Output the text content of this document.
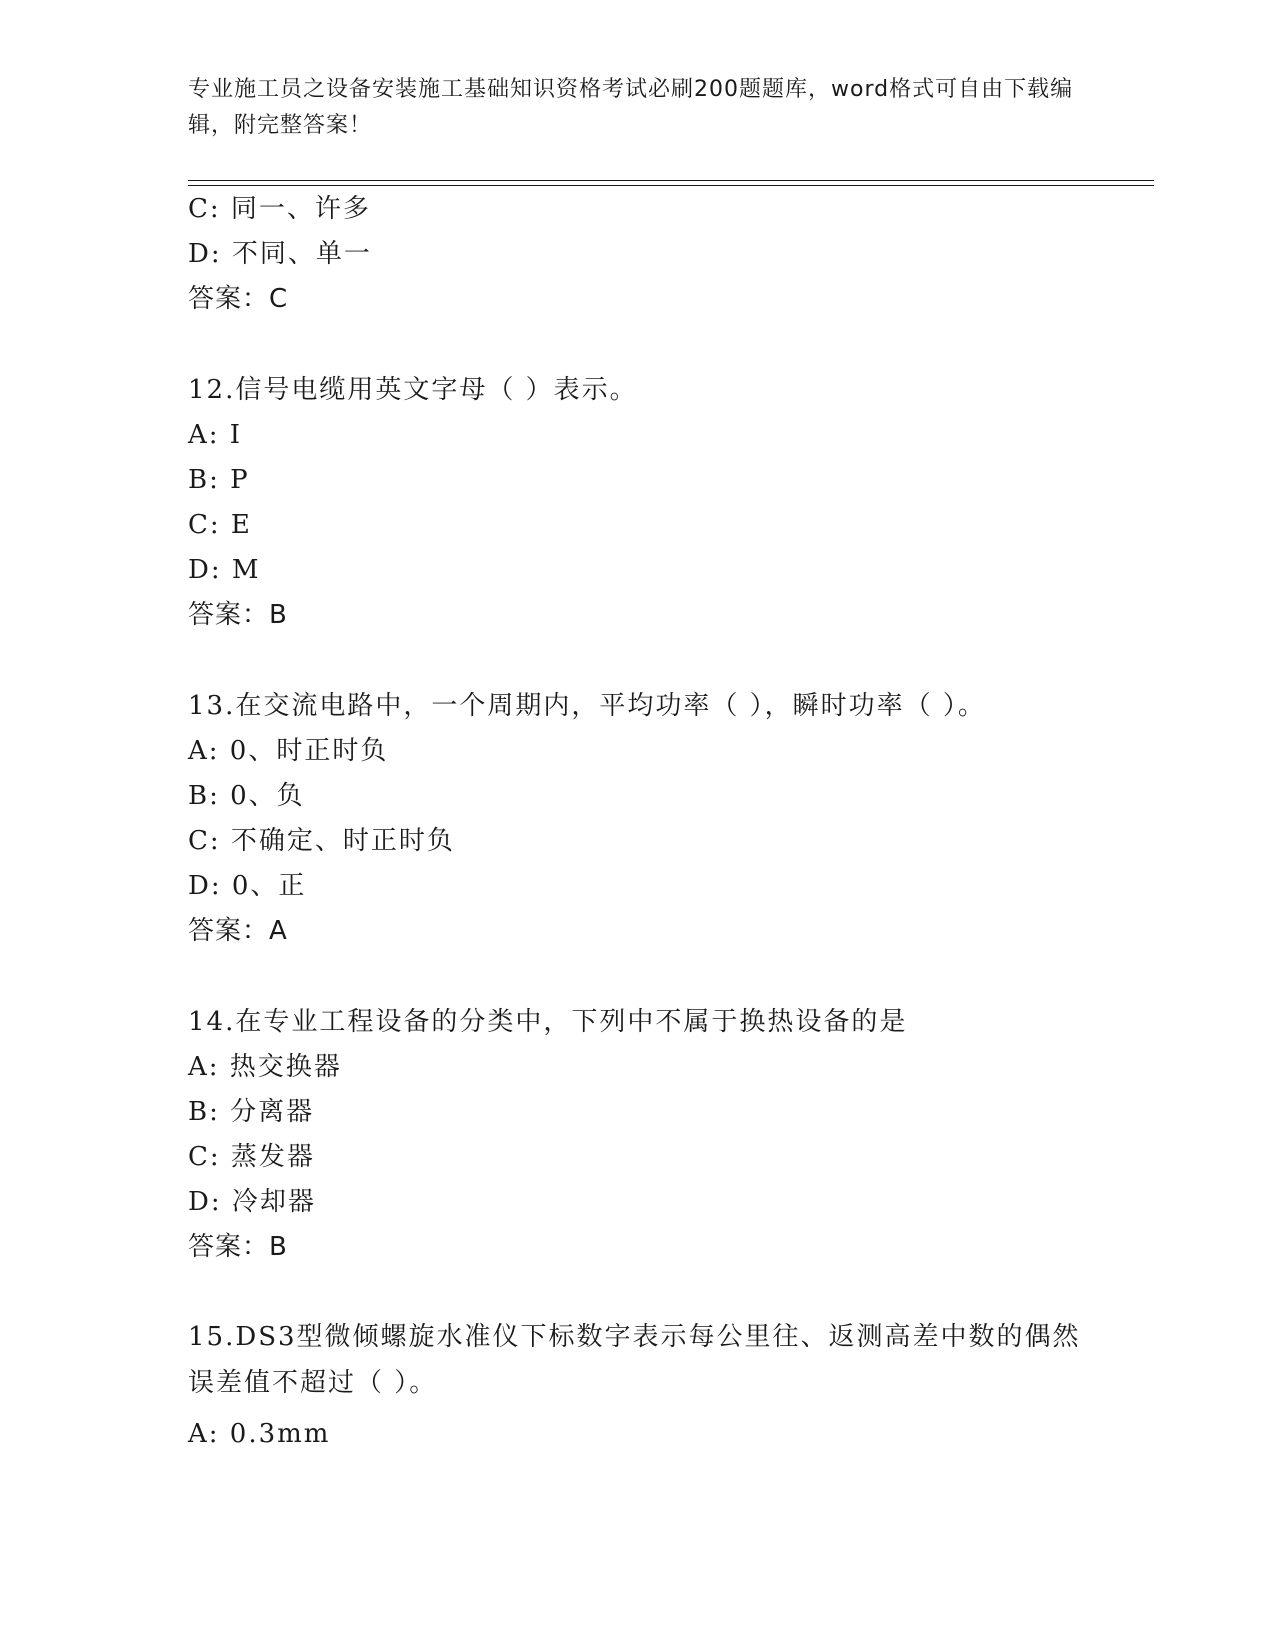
专业施工员之设备安装施工基础知识资格考试必刷200题题库，word格式可自由下载编辑，附完整答案！
C: 同一、许多
D: 不同、单一
答案：C
12.信号电缆用英文字母（ ）表示。
A: I
B: P
C: E
D: M
答案：B
13.在交流电路中，一个周期内，平均功率（ ），瞬时功率（ ）。
A: 0、时正时负
B: 0、负
C: 不确定、时正时负
D: 0、正
答案：A
14.在专业工程设备的分类中，下列中不属于换热设备的是
A: 热交换器
B: 分离器
C: 蒸发器
D: 冷却器
答案：B
15.DS3型微倾螺旋水准仪下标数字表示每公里往、返测高差中数的偶然误差值不超过（ ）。
A: 0.3mm
